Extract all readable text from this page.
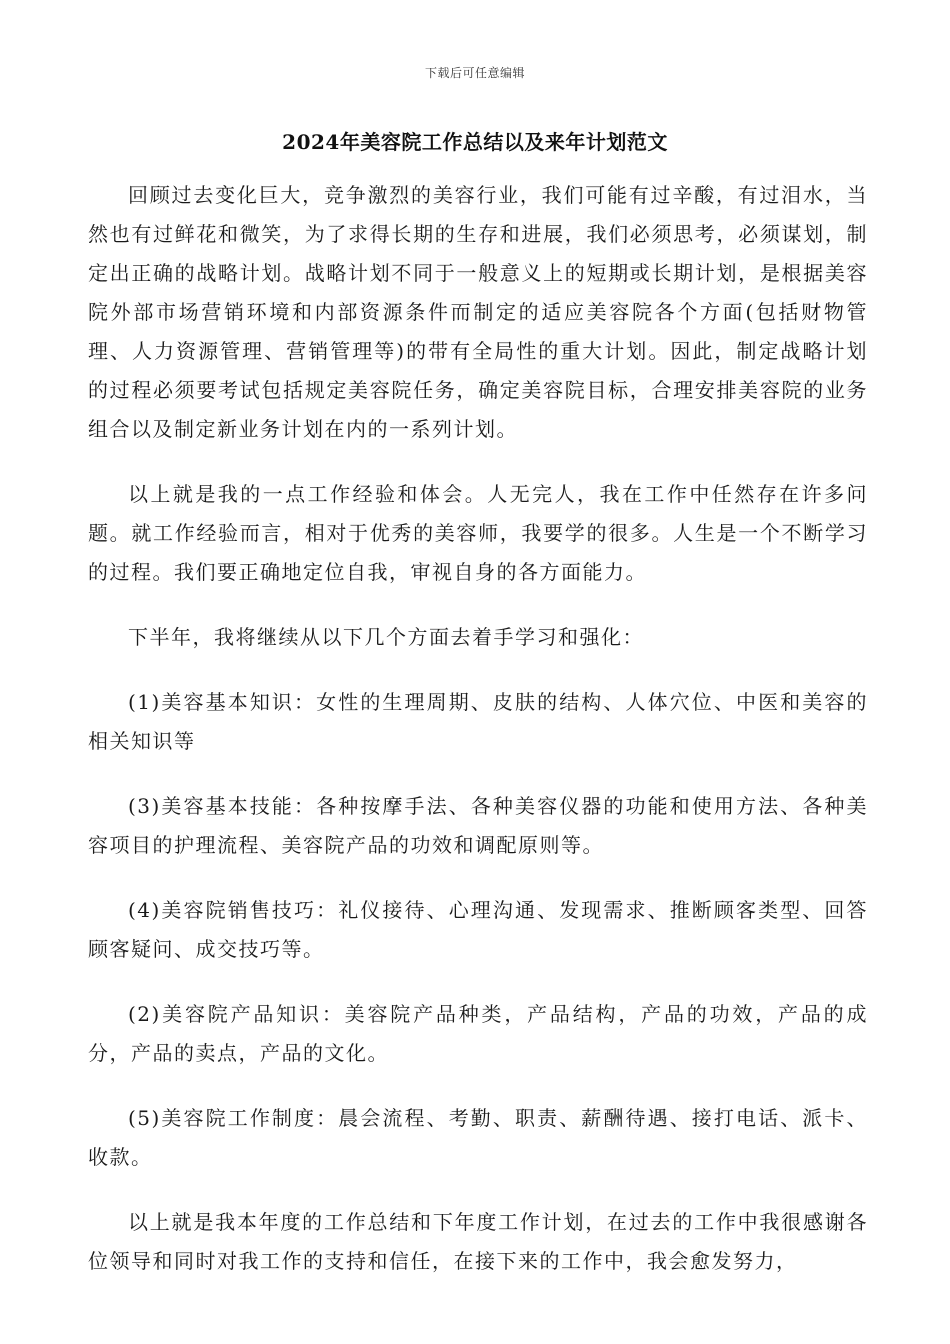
下载后可任意编辑
2024年美容院工作总结以及来年计划范文

回顾过去变化巨大，竞争激烈的美容行业，我们可能有过辛酸，有过泪水，当然也有过鲜花和微笑，为了求得长期的生存和进展，我们必须思考，必须谋划，制定出正确的战略计划。战略计划不同于一般意义上的短期或长期计划，是根据美容院外部市场营销环境和内部资源条件而制定的适应美容院各个方面(包括财物管理、人力资源管理、营销管理等)的带有全局性的重大计划。因此，制定战略计划的过程必须要考试包括规定美容院任务，确定美容院目标，合理安排美容院的业务组合以及制定新业务计划在内的一系列计划。

以上就是我的一点工作经验和体会。人无完人，我在工作中任然存在许多问题。就工作经验而言，相对于优秀的美容师，我要学的很多。人生是一个不断学习的过程。我们要正确地定位自我，审视自身的各方面能力。

下半年，我将继续从以下几个方面去着手学习和强化：

(1)美容基本知识：女性的生理周期、皮肤的结构、人体穴位、中医和美容的相关知识等

(3)美容基本技能：各种按摩手法、各种美容仪器的功能和使用方法、各种美容项目的护理流程、美容院产品的功效和调配原则等。

(4)美容院销售技巧：礼仪接待、心理沟通、发现需求、推断顾客类型、回答顾客疑问、成交技巧等。

(2)美容院产品知识：美容院产品种类，产品结构，产品的功效，产品的成分，产品的卖点，产品的文化。

(5)美容院工作制度：晨会流程、考勤、职责、薪酬待遇、接打电话、派卡、收款。

以上就是我本年度的工作总结和下年度工作计划，在过去的工作中我很感谢各位领导和同时对我工作的支持和信任，在接下来的工作中，我会愈发努力，
